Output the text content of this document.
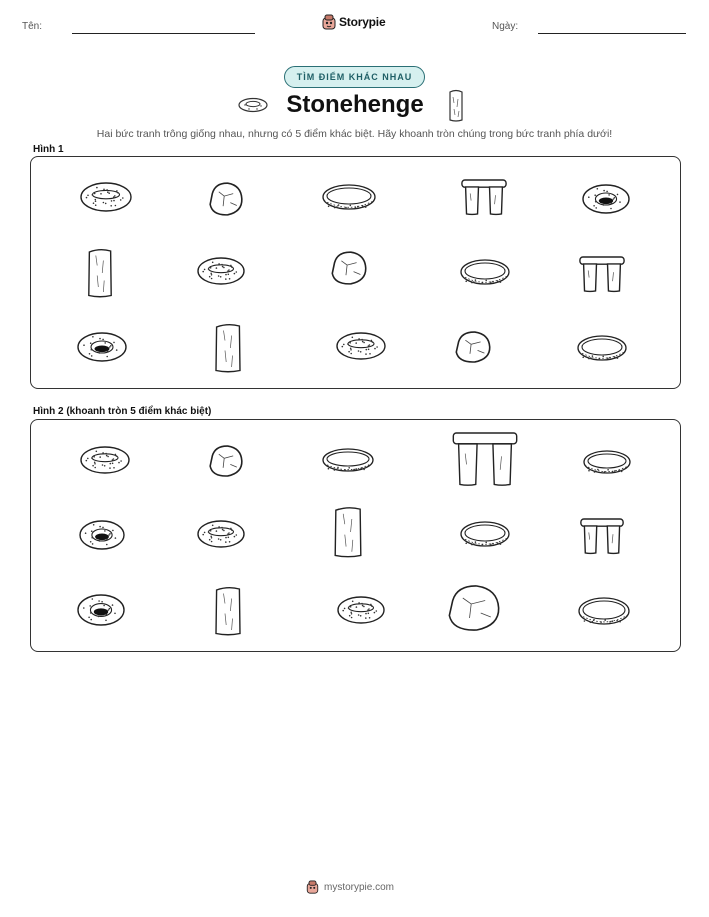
Tên:	Storypie	Ngày:
TÌM ĐIỂM KHÁC NHAU
Stonehenge
Hai bức tranh trông giống nhau, nhưng có 5 điểm khác biệt. Hãy khoanh tròn chúng trong bức tranh phía dưới!
Hình 1
Hình 2 (khoanh tròn 5 điểm khác biệt)
mystorypie.com
